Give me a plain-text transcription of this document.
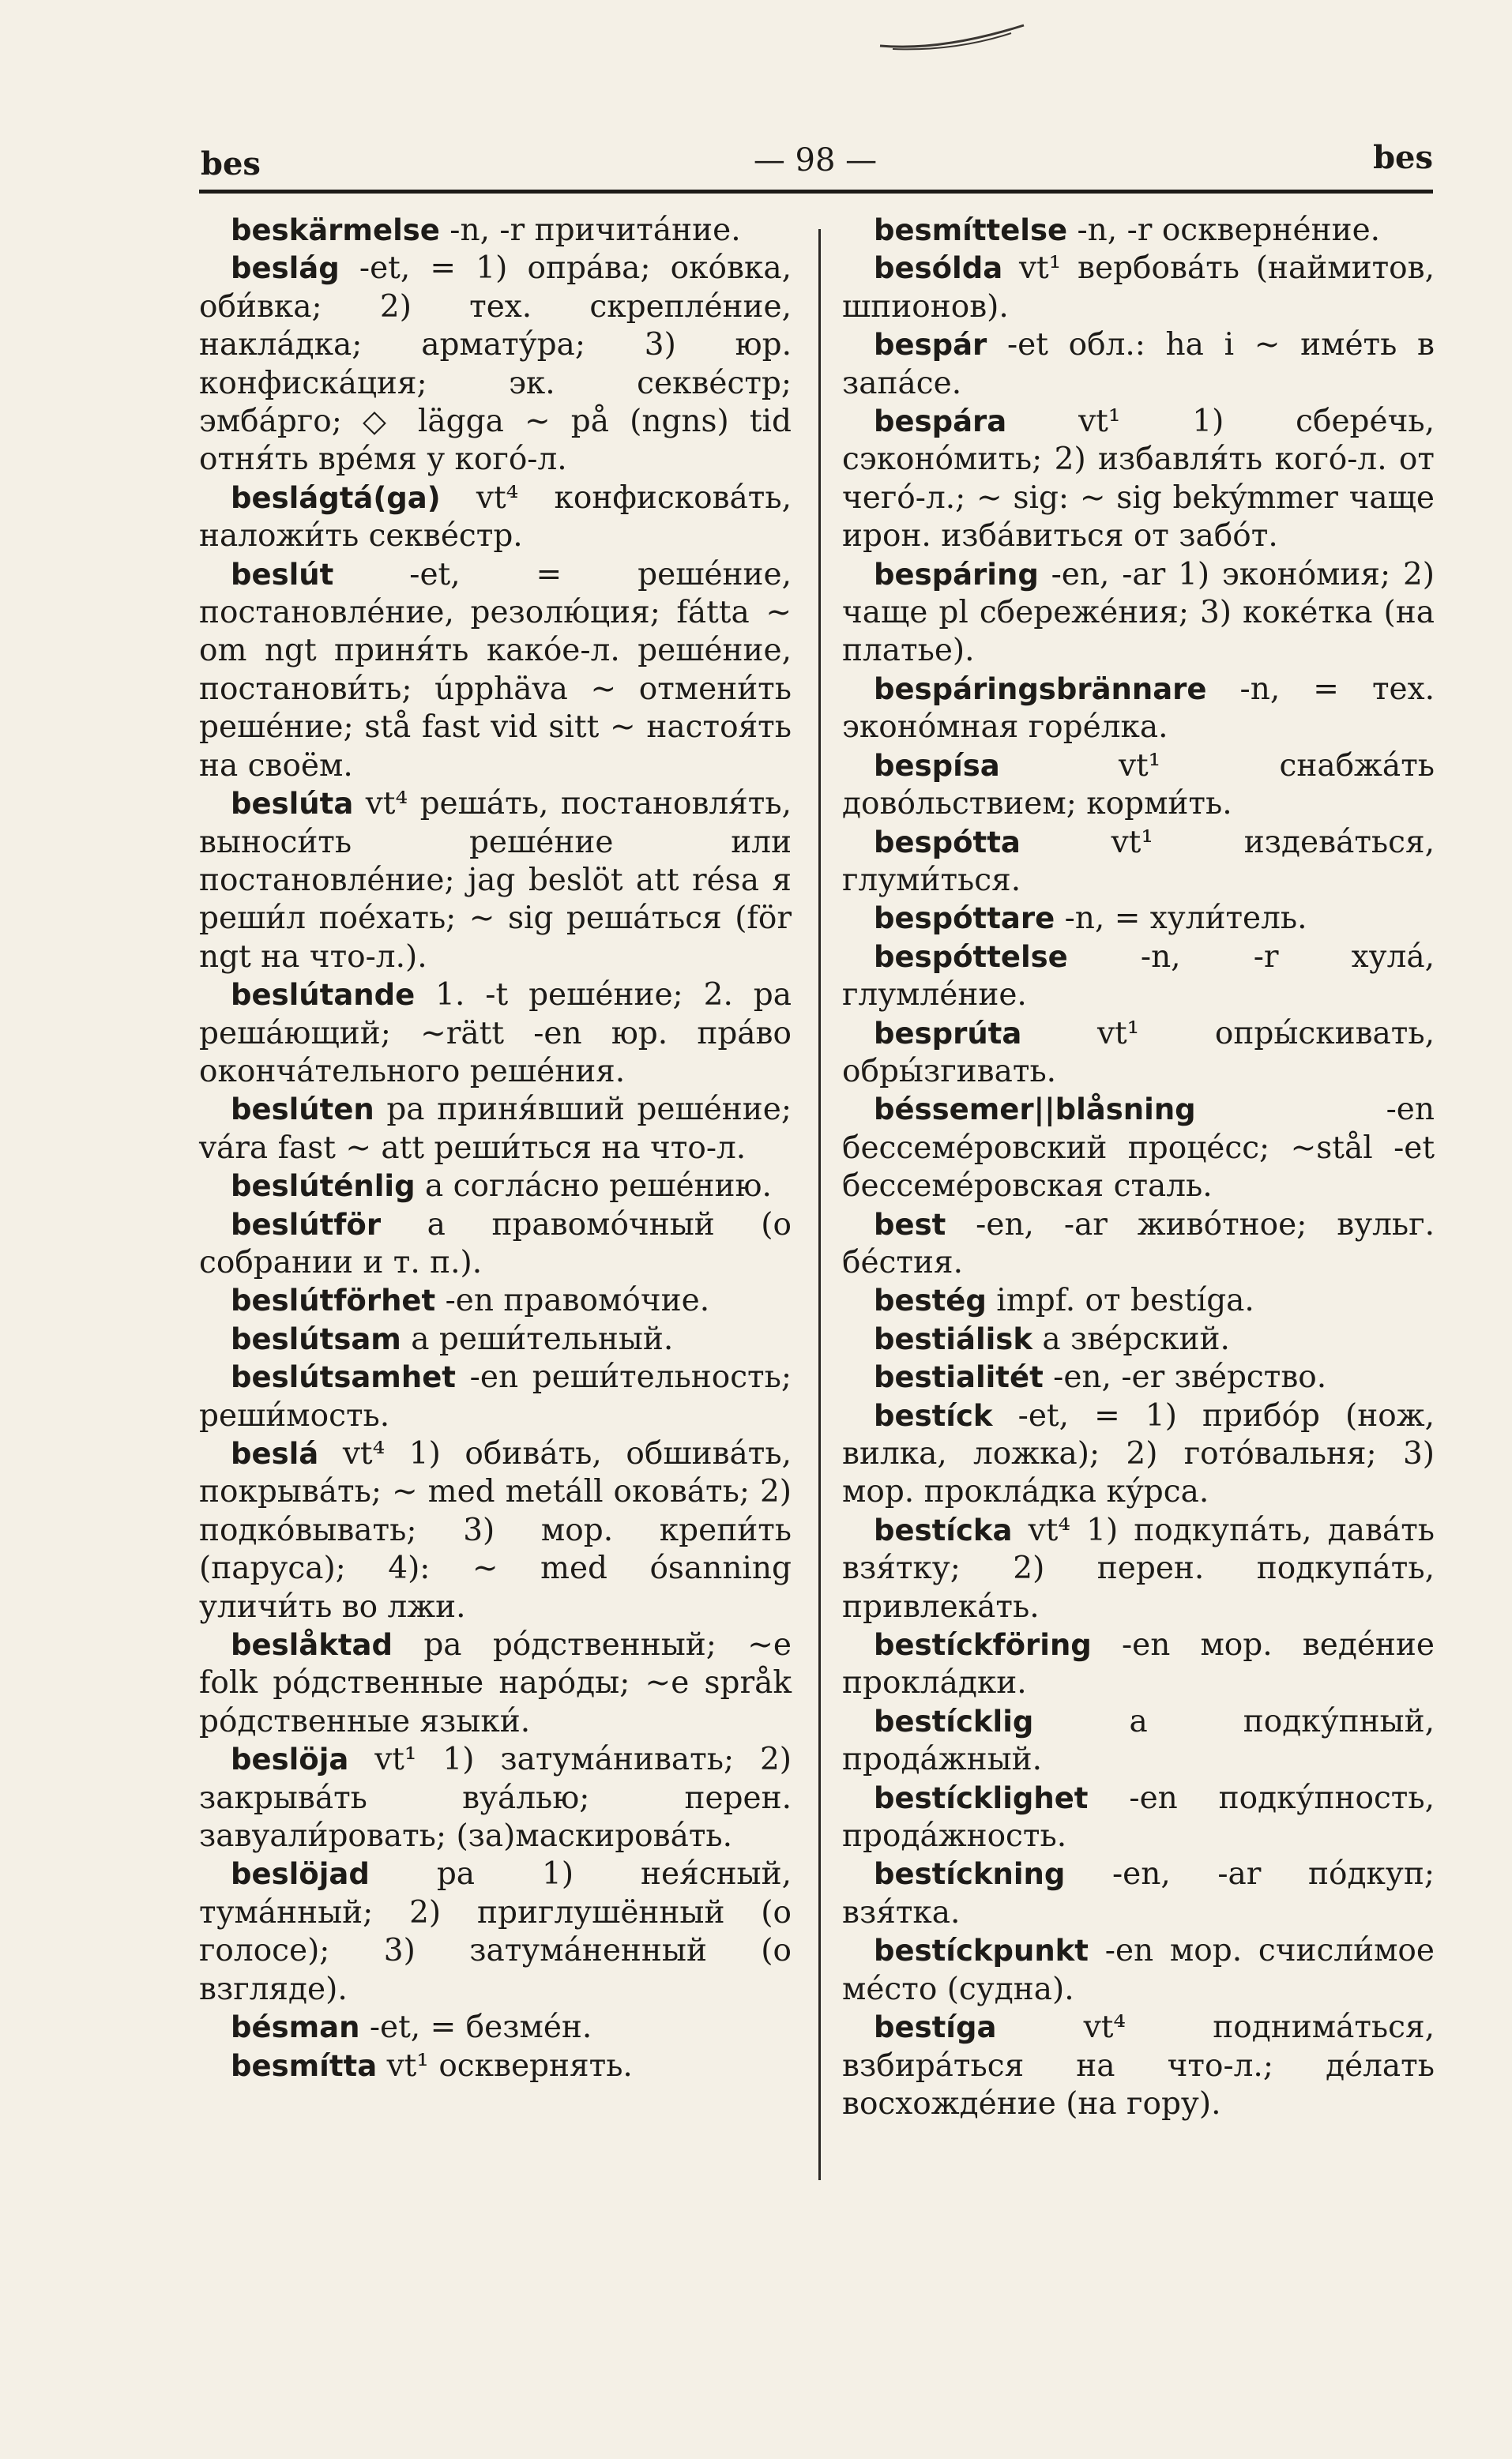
bes	— 98 —	bes

beskärmelse -n, -r причита́ние.

beslág -et, = 1) опра́ва; око́вка, оби́вка; 2) тех. скрепле́ние, накла́дка; армату́ра; 3) юр. конфиска́ция; эк. секве́стр; эмба́рго; ◇ lägga ~ på (ngns) tid отня́ть вре́мя у кого́-л.

beslágtá(ga) vt⁴ конфискова́ть, наложи́ть секве́стр.

beslút -et, = реше́ние, постановле́ние, резолю́ция; fátta ~ om ngt приня́ть како́е-л. реше́ние, постанови́ть; úpphäva ~ отмени́ть реше́ние; stå fast vid sitt ~ настоя́ть на своём.

beslúta vt⁴ реша́ть, постановля́ть, выноси́ть реше́ние или постановле́ние; jag beslöt att résa я реши́л пое́хать; ~ sig реша́ться (för ngt на что-л.).

beslútande 1. -t реше́ние; 2. pa реша́ющий; ~rätt -en юр. пра́во оконча́тельного реше́ния.

beslúten pa приня́вший реше́ние; vára fast ~ att реши́ться на что-л.

beslúténlig a согла́сно реше́нию.

beslútför a правомо́чный (о собрании и т. п.).

beslútförhet -en правомо́чие.

beslútsam a реши́тельный.

beslútsamhet -en реши́тельность; реши́мость.

beslá vt⁴ 1) обива́ть, обшива́ть, покрыва́ть; ~ med metáll окова́ть; 2) подко́вывать; 3) мор. крепи́ть (паруса); 4): ~ med ósanning уличи́ть во лжи.

beslåktad pa ро́дственный; ~e folk ро́дственные наро́ды; ~e språk ро́дственные языки́.

beslöja vt¹ 1) затума́нивать; 2) закрыва́ть вуа́лью; перен. завуали́ровать; (за)маскирова́ть.

beslöjad pa 1) нея́сный, тума́нный; 2) приглушённый (о голосе); 3) затума́ненный (о взгляде).

bésman -et, = безме́н.

besmítta vt¹ осквернять.

besmíttelse -n, -r оскверне́ние.

besólda vt¹ вербова́ть (наймитов, шпионов).

bespár -et обл.: ha i ~ име́ть в запа́се.

bespára vt¹ 1) сбере́чь, сэконо́мить; 2) избавля́ть кого́-л. от чего́-л.; ~ sig: ~ sig bekýmmer чаще ирон. изба́виться от забо́т.

bespáring -en, -ar 1) эконо́мия; 2) чаще pl сбереже́ния; 3) коке́тка (на платье).

bespáringsbrännare -n, = тех. эконо́мная горе́лка.

bespísa vt¹ снабжа́ть дово́льствием; корми́ть.

bespótta vt¹ издева́ться, глуми́ться.

bespóttare -n, = хули́тель.

bespóttelse -n, -r хула́, глумле́ние.

besprúta vt¹ опры́скивать, обры́згивать.

béssemer||blåsning -en бессеме́ровский проце́сс; ~stål -et бессеме́ровская сталь.

best -en, -ar живо́тное; вульг. бе́стия.

bestég impf. от bestíga.

bestiálisk a зве́рский.

bestialitét -en, -er зве́рство.

bestíck -et, = 1) прибо́р (нож, вилка, ложка); 2) гото́вальня; 3) мор. прокла́дка ку́рса.

bestícka vt⁴ 1) подкупа́ть, дава́ть взя́тку; 2) перен. подкупа́ть, привлека́ть.

bestíckföring -en мор. веде́ние прокла́дки.

bestícklig a подку́пный, прода́жный.

bestícklighet -en подку́пность, прода́жность.

bestíckning -en, -ar по́дкуп; взя́тка.

bestíckpunkt -en мор. счисли́мое ме́сто (судна).

bestíga vt⁴ поднима́ться, взбира́ться на что-л.; де́лать восхожде́ние (на гору).
